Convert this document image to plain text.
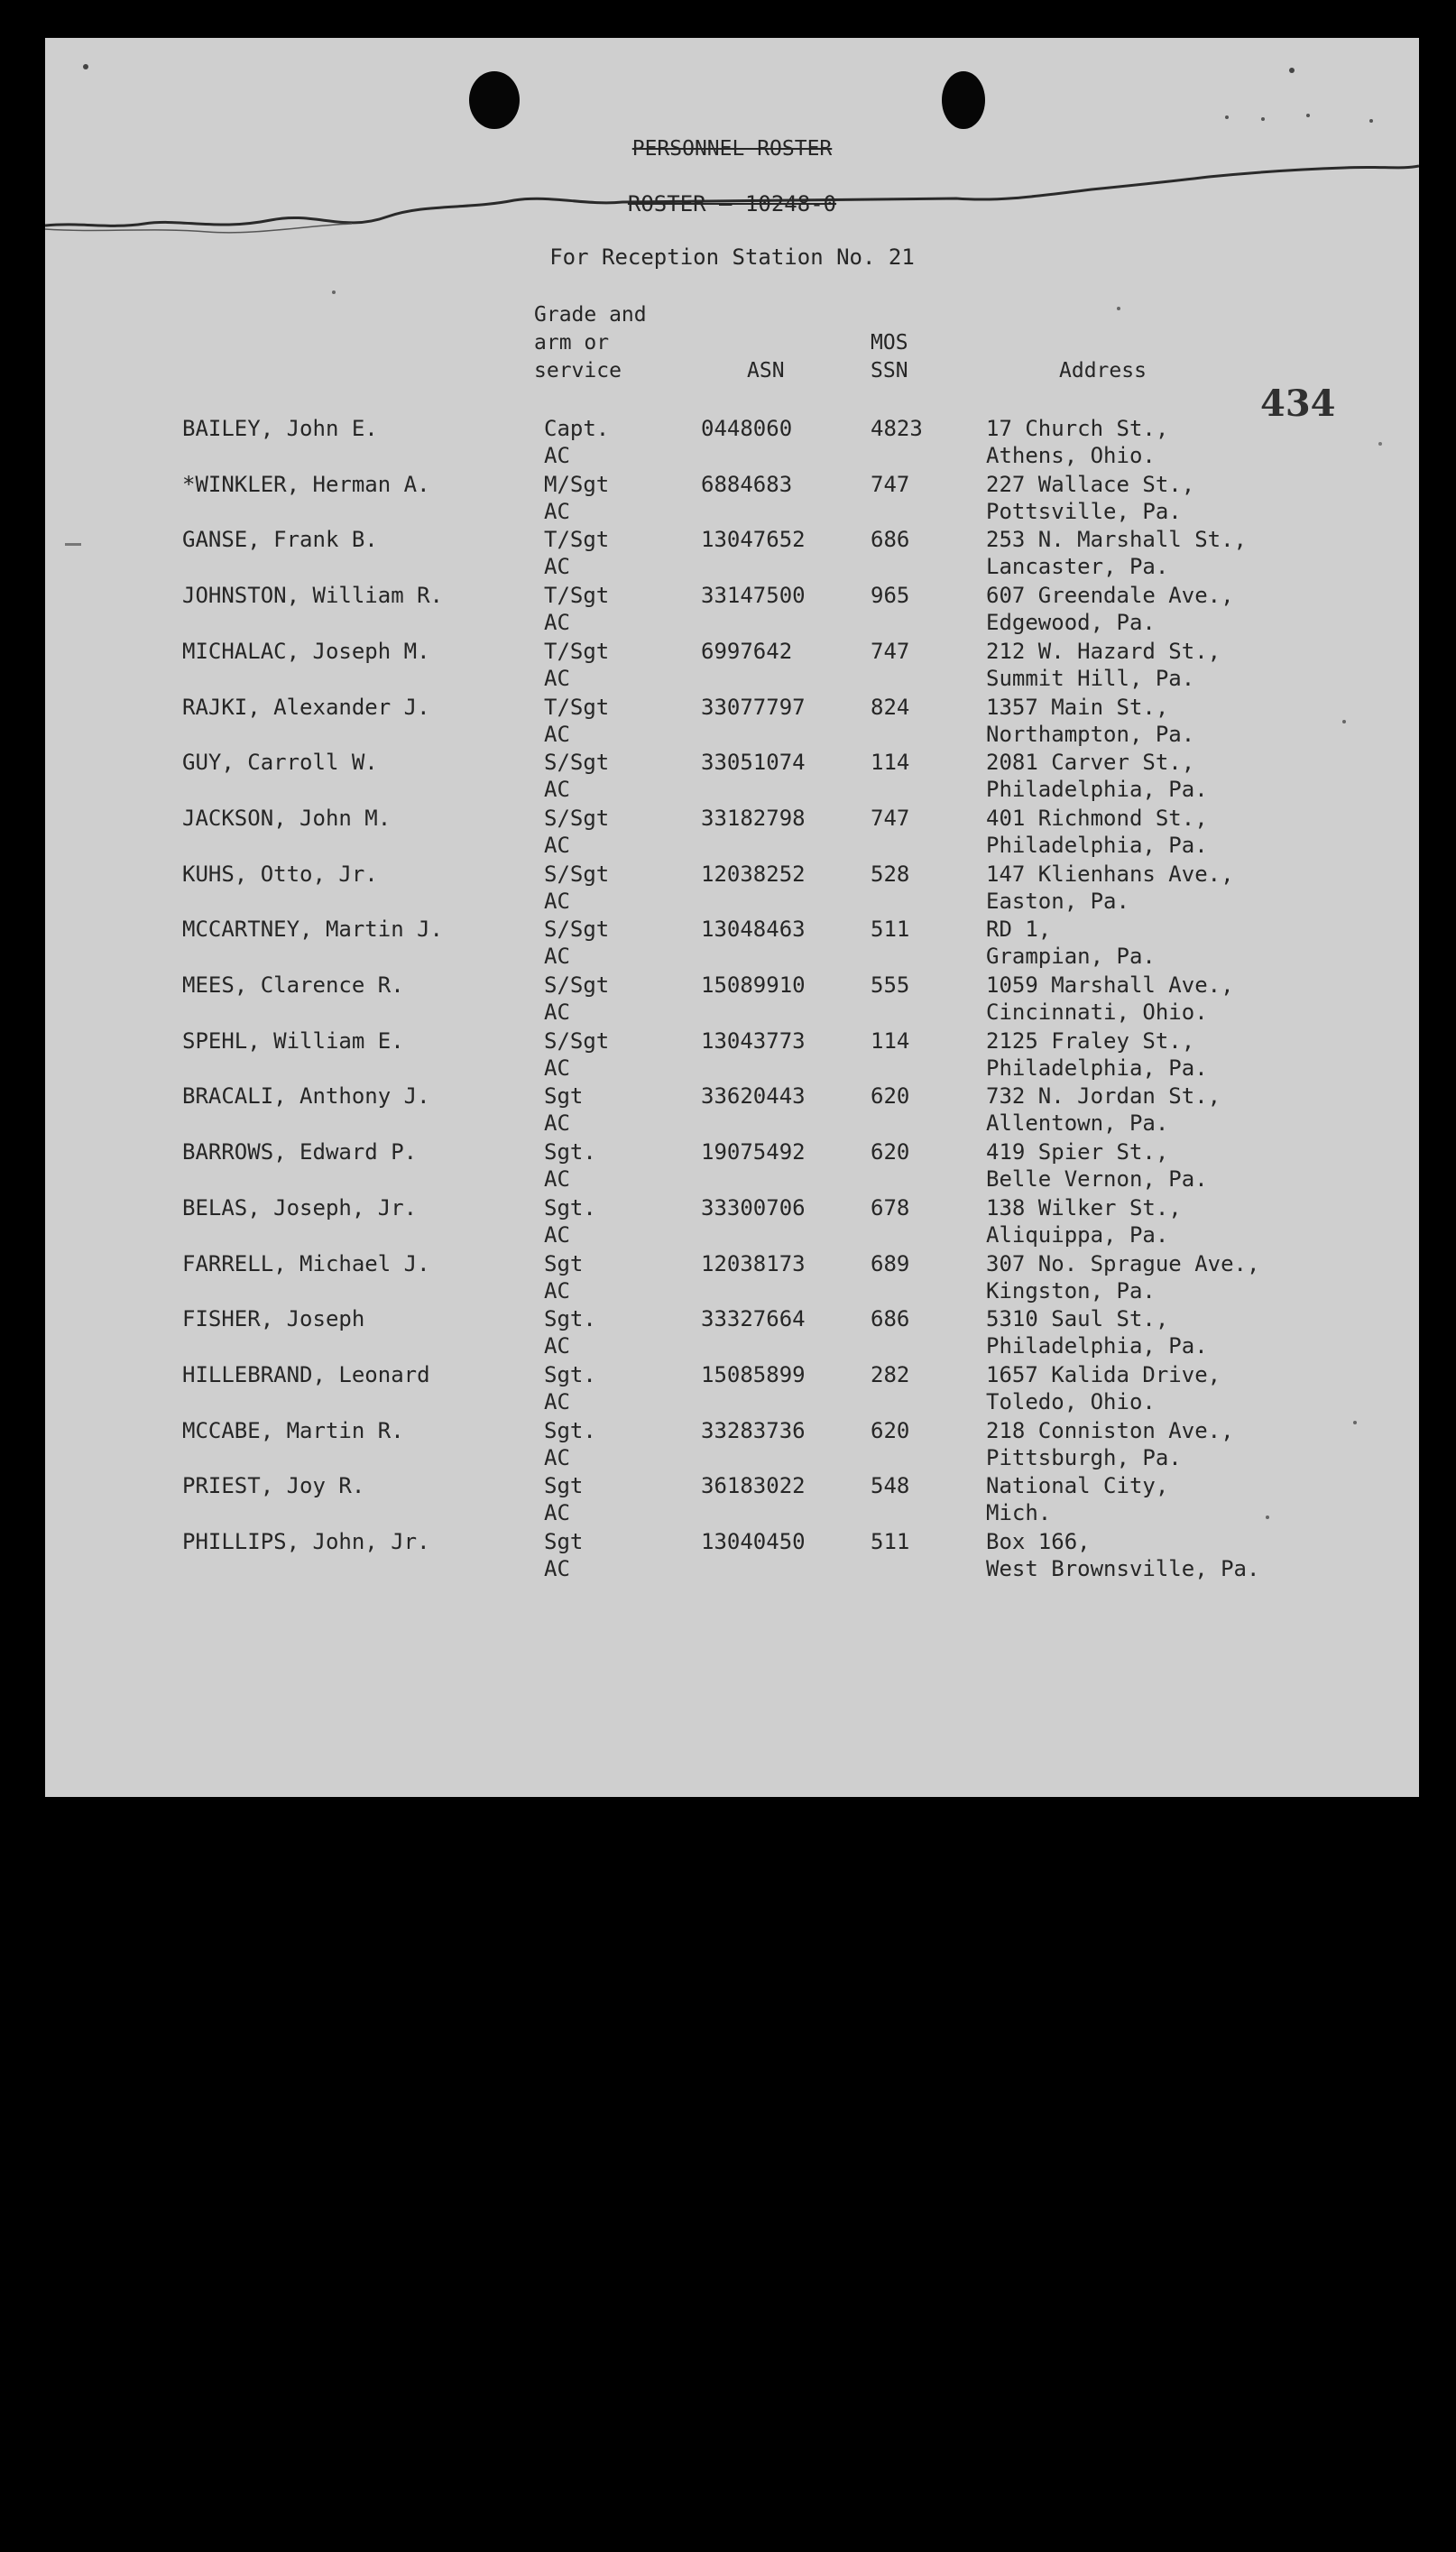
PERSONNEL ROSTER
ROSTER — 10248-0
For Reception Station No. 21
Grade and
arm or
service	ASN
MOS
SSN	Address
434
BAILEY, John E.	Capt.
AC
0448060	4823	17 Church St.,
Athens, Ohio.
*WINKLER, Herman A.	M/Sgt
AC
6884683	747	227 Wallace St.,
Pottsville, Pa.
GANSE, Frank B.	T/Sgt
AC
13047652	686	253 N. Marshall St.,
Lancaster, Pa.
JOHNSTON, William R.	T/Sgt
AC
33147500	965	607 Greendale Ave.,
Edgewood, Pa.
MICHALAC, Joseph M.	T/Sgt
AC
6997642	747	212 W. Hazard St.,
Summit Hill, Pa.
RAJKI, Alexander J.	T/Sgt
AC
33077797	824	1357 Main St.,
Northampton, Pa.
GUY, Carroll W.	S/Sgt
AC
33051074	114	2081 Carver St.,
Philadelphia, Pa.
JACKSON, John M.	S/Sgt
AC
33182798	747	401 Richmond St.,
Philadelphia, Pa.
KUHS, Otto, Jr.	S/Sgt
AC
12038252	528	147 Klienhans Ave.,
Easton, Pa.
MCCARTNEY, Martin J.	S/Sgt
AC
13048463	511	RD 1,
Grampian, Pa.
MEES, Clarence R.	S/Sgt
AC
15089910	555	1059 Marshall Ave.,
Cincinnati, Ohio.
SPEHL, William E.	S/Sgt
AC
13043773	114	2125 Fraley St.,
Philadelphia, Pa.
BRACALI, Anthony J.	Sgt
AC
33620443	620	732 N. Jordan St.,
Allentown, Pa.
BARROWS, Edward P.	Sgt.
AC
19075492	620	419 Spier St.,
Belle Vernon, Pa.
BELAS, Joseph, Jr.	Sgt.
AC
33300706	678	138 Wilker St.,
Aliquippa, Pa.
FARRELL, Michael J.	Sgt
AC
12038173	689	307 No. Sprague Ave.,
Kingston, Pa.
FISHER, Joseph	Sgt.
AC
33327664	686	5310 Saul St.,
Philadelphia, Pa.
HILLEBRAND, Leonard	Sgt.
AC
15085899	282	1657 Kalida Drive,
Toledo, Ohio.
MCCABE, Martin R.	Sgt.
AC
33283736	620	218 Conniston Ave.,
Pittsburgh, Pa.
PRIEST, Joy R.	Sgt
AC
36183022	548	National City,
Mich.
PHILLIPS, John, Jr.	Sgt
AC
13040450	511	Box 166,
West Brownsville, Pa.
